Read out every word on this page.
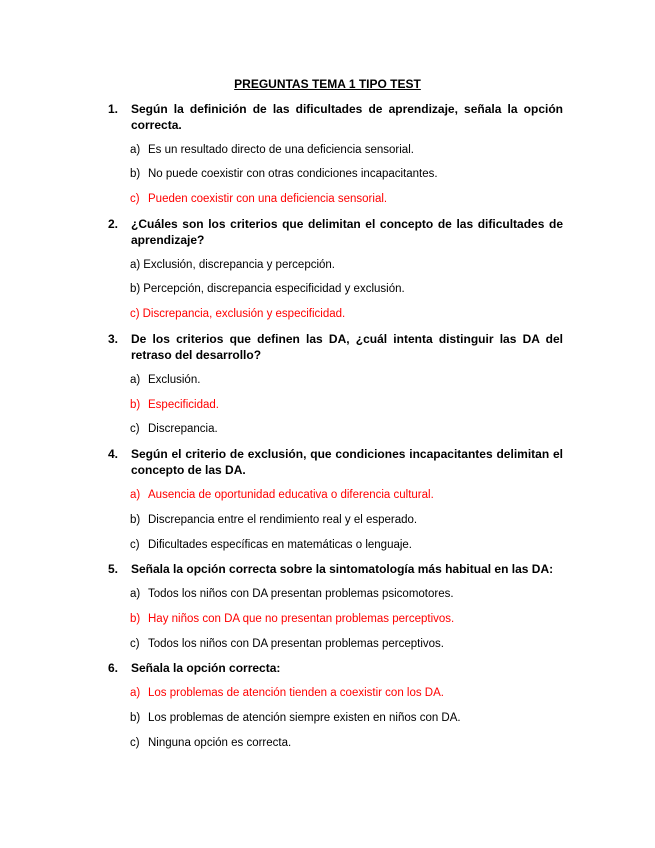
PREGUNTAS TEMA 1 TIPO TEST
1.	Según la definición de las dificultades de aprendizaje, señala la opción correcta.
a) Es un resultado directo de una deficiencia sensorial.
b) No puede coexistir con otras condiciones incapacitantes.
c) Pueden coexistir con una deficiencia sensorial.
2.	¿Cuáles son los criterios que delimitan el concepto de las dificultades de aprendizaje?
a) Exclusión, discrepancia y percepción.
b) Percepción, discrepancia especificidad y exclusión.
c) Discrepancia, exclusión y especificidad.
3.	De los criterios que definen las DA, ¿cuál intenta distinguir las DA del retraso del desarrollo?
a) Exclusión.
b) Especificidad.
c) Discrepancia.
4.	Según el criterio de exclusión, que condiciones incapacitantes delimitan el concepto de las DA.
a) Ausencia de oportunidad educativa o diferencia cultural.
b) Discrepancia entre el rendimiento real y el esperado.
c) Dificultades específicas en matemáticas o lenguaje.
5.	Señala la opción correcta sobre la sintomatología más habitual en las DA:
a) Todos los niños con DA presentan problemas psicomotores.
b) Hay niños con DA que no presentan problemas perceptivos.
c) Todos los niños con DA presentan problemas perceptivos.
6.	Señala la opción correcta:
a) Los problemas de atención tienden a coexistir con los DA.
b) Los problemas de atención siempre existen en niños con DA.
c) Ninguna opción es correcta.
